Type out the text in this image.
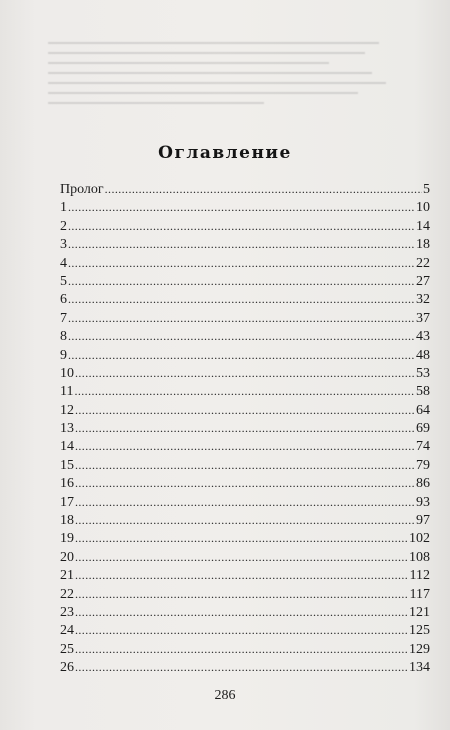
Оглавление
Пролог . . .	5
1 . . .	10
2 . . .	14
3 . . .	18
4 . . .	22
5 . . .	27
6 . . .	32
7 . . .	37
8 . . .	43
9 . . .	48
10 . . .	53
11 . . .	58
12 . . .	64
13 . . .	69
14 . . .	74
15 . . .	79
16 . . .	86
17 . . .	93
18 . . .	97
19 . . .	102
20 . . .	108
21 . . .	112
22 . . .	117
23 . . .	121
24 . . .	125
25 . . .	129
26 . . .	134
286
